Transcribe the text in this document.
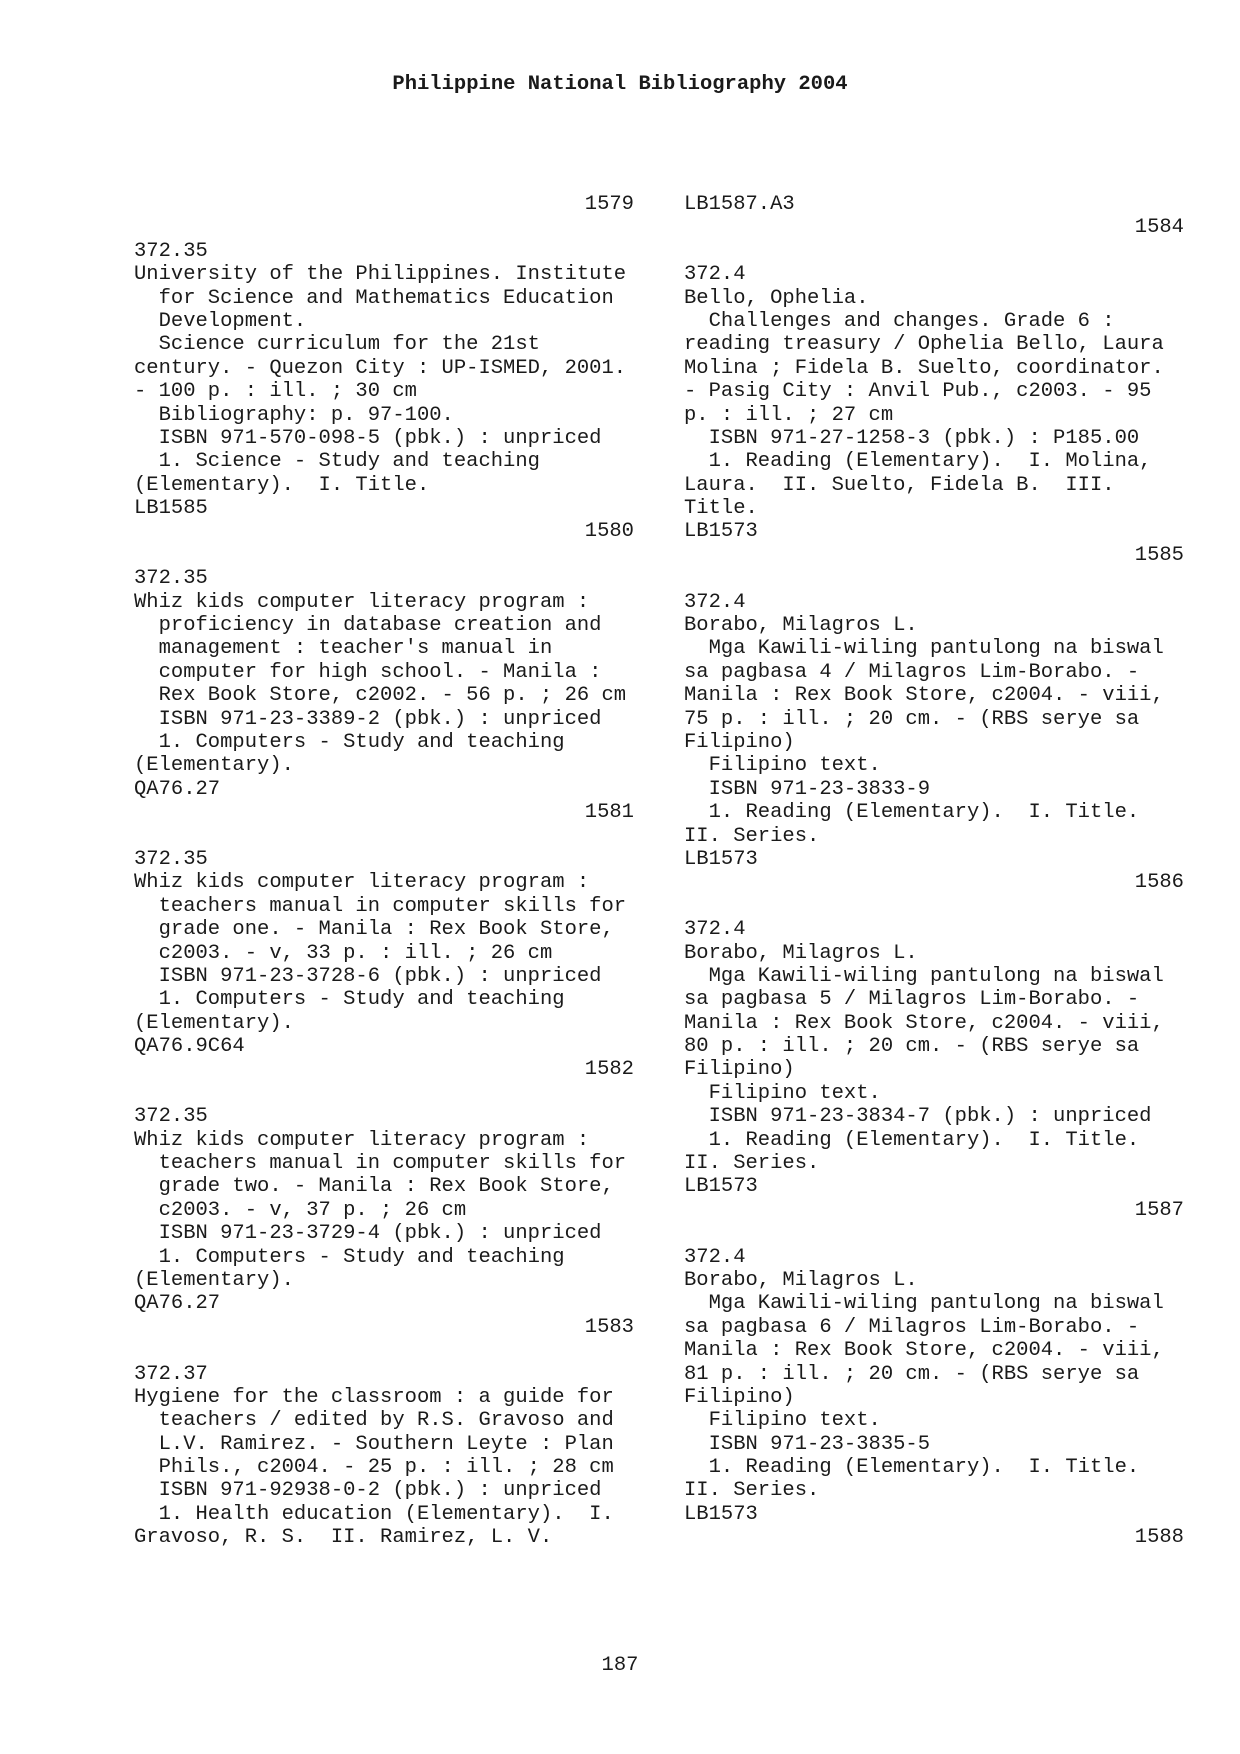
Philippine National Bibliography 2004
1579
372.35
University of the Philippines. Institute
for Science and Mathematics Education
Development.
Science curriculum for the 21st
century. - Quezon City : UP-ISMED, 2001.
- 100 p. : ill. ; 30 cm
Bibliography: p. 97-100.
ISBN 971-570-098-5 (pbk.) : unpriced
1. Science - Study and teaching
(Elementary).  I. Title.
LB1585
1580
372.35
Whiz kids computer literacy program :
proficiency in database creation and
management : teacher's manual in
computer for high school. - Manila :
Rex Book Store, c2002. - 56 p. ; 26 cm
ISBN 971-23-3389-2 (pbk.) : unpriced
1. Computers - Study and teaching
(Elementary).
QA76.27
1581
372.35
Whiz kids computer literacy program :
teachers manual in computer skills for
grade one. - Manila : Rex Book Store,
c2003. - v, 33 p. : ill. ; 26 cm
ISBN 971-23-3728-6 (pbk.) : unpriced
1. Computers - Study and teaching
(Elementary).
QA76.9C64
1582
372.35
Whiz kids computer literacy program :
teachers manual in computer skills for
grade two. - Manila : Rex Book Store,
c2003. - v, 37 p. ; 26 cm
ISBN 971-23-3729-4 (pbk.) : unpriced
1. Computers - Study and teaching
(Elementary).
QA76.27
1583
372.37
Hygiene for the classroom : a guide for
teachers / edited by R.S. Gravoso and
L.V. Ramirez. - Southern Leyte : Plan
Phils., c2004. - 25 p. : ill. ; 28 cm
ISBN 971-92938-0-2 (pbk.) : unpriced
1. Health education (Elementary).  I.
Gravoso, R. S.  II. Ramirez, L. V.
LB1587.A3
1584
372.4
Bello, Ophelia.
Challenges and changes. Grade 6 :
reading treasury / Ophelia Bello, Laura
Molina ; Fidela B. Suelto, coordinator.
- Pasig City : Anvil Pub., c2003. - 95
p. : ill. ; 27 cm
ISBN 971-27-1258-3 (pbk.) : P185.00
1. Reading (Elementary).  I. Molina,
Laura.  II. Suelto, Fidela B.  III.
Title.
LB1573
1585
372.4
Borabo, Milagros L.
Mga Kawili-wiling pantulong na biswal
sa pagbasa 4 / Milagros Lim-Borabo. -
Manila : Rex Book Store, c2004. - viii,
75 p. : ill. ; 20 cm. - (RBS serye sa
Filipino)
Filipino text.
ISBN 971-23-3833-9
1. Reading (Elementary).  I. Title.
II. Series.
LB1573
1586
372.4
Borabo, Milagros L.
Mga Kawili-wiling pantulong na biswal
sa pagbasa 5 / Milagros Lim-Borabo. -
Manila : Rex Book Store, c2004. - viii,
80 p. : ill. ; 20 cm. - (RBS serye sa
Filipino)
Filipino text.
ISBN 971-23-3834-7 (pbk.) : unpriced
1. Reading (Elementary).  I. Title.
II. Series.
LB1573
1587
372.4
Borabo, Milagros L.
Mga Kawili-wiling pantulong na biswal
sa pagbasa 6 / Milagros Lim-Borabo. -
Manila : Rex Book Store, c2004. - viii,
81 p. : ill. ; 20 cm. - (RBS serye sa
Filipino)
Filipino text.
ISBN 971-23-3835-5
1. Reading (Elementary).  I. Title.
II. Series.
LB1573
1588
187
